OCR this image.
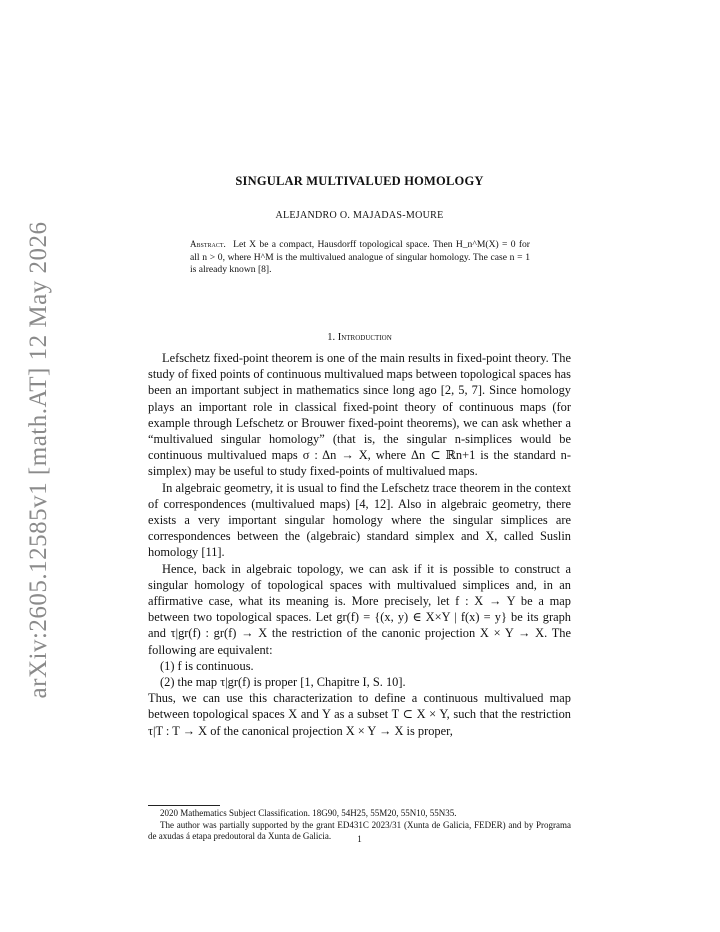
arXiv:2605.12585v1 [math.AT] 12 May 2026
SINGULAR MULTIVALUED HOMOLOGY
ALEJANDRO O. MAJADAS-MOURE
Abstract. Let X be a compact, Hausdorff topological space. Then H_n^M(X) = 0 for all n > 0, where H^M is the multivalued analogue of singular homology. The case n = 1 is already known [8].
1. Introduction

Lefschetz fixed-point theorem is one of the main results in fixed-point theory. The study of fixed points of continuous multivalued maps between topological spaces has been an important subject in mathematics since long ago [2, 5, 7]. Since homology plays an important role in classical fixed-point theory of continuous maps (for example through Lefschetz or Brouwer fixed-point theorems), we can ask whether a “multivalued singular homology” (that is, the singular n-simplices would be continuous multivalued maps σ : Δn → X, where Δn ⊂ ℝn+1 is the standard n-simplex) may be useful to study fixed-points of multivalued maps.

In algebraic geometry, it is usual to find the Lefschetz trace theorem in the context of correspondences (multivalued maps) [4, 12]. Also in algebraic geometry, there exists a very important singular homology where the singular simplices are correspondences between the (algebraic) standard simplex and X, called Suslin homology [11].

Hence, back in algebraic topology, we can ask if it is possible to construct a singular homology of topological spaces with multivalued simplices and, in an affirmative case, what its meaning is. More precisely, let f : X → Y be a map between two topological spaces. Let gr(f) = {(x, y) ∈ X×Y | f(x) = y} be its graph and τ|gr(f) : gr(f) → X the restriction of the canonic projection X × Y → X. The following are equivalent:

(1) f is continuous.

(2) the map τ|gr(f) is proper [1, Chapitre I, S. 10].

Thus, we can use this characterization to define a continuous multivalued map between topological spaces X and Y as a subset T ⊂ X × Y, such that the restriction τ|T : T → X of the canonical projection X × Y → X is proper,

2020 Mathematics Subject Classification. 18G90, 54H25, 55M20, 55N10, 55N35.

The author was partially supported by the grant ED431C 2023/31 (Xunta de Galicia, FEDER) and by Programa de axudas á etapa predoutoral da Xunta de Galicia.	1
